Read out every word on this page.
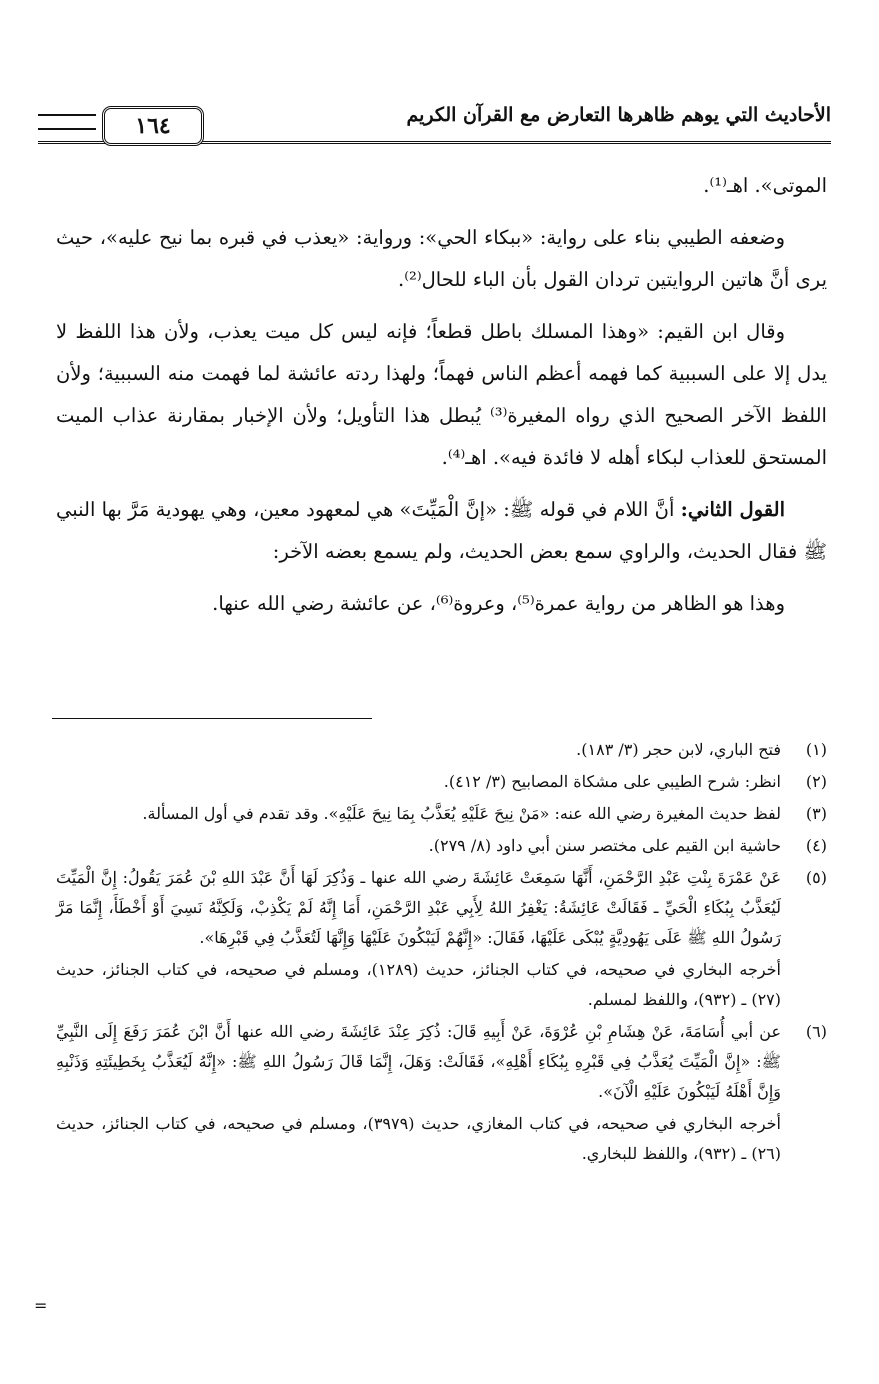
١٦٤	الأحاديث التي يوهم ظاهرها التعارض مع القرآن الكريم

الموتى». اهـ⁽¹⁾.

وضعفه الطيبي بناء على رواية: «ببكاء الحي»: ورواية: «يعذب في قبره بما نيح عليه»، حيث يرى أنَّ هاتين الروايتين تردان القول بأن الباء للحال⁽²⁾.

وقال ابن القيم: «وهذا المسلك باطل قطعاً؛ فإنه ليس كل ميت يعذب، ولأن هذا اللفظ لا يدل إلا على السببية كما فهمه أعظم الناس فهماً؛ ولهذا ردته عائشة لما فهمت منه السببية؛ ولأن اللفظ الآخر الصحيح الذي رواه المغيرة⁽³⁾ يُبطل هذا التأويل؛ ولأن الإخبار بمقارنة عذاب الميت المستحق للعذاب لبكاء أهله لا فائدة فيه». اهـ⁽⁴⁾.

القول الثاني: أنَّ اللام في قوله ﷺ: «إنَّ الْمَيِّتَ» هي لمعهود معين، وهي يهودية مَرَّ بها النبي ﷺ فقال الحديث، والراوي سمع بعض الحديث، ولم يسمع بعضه الآخر:

وهذا هو الظاهر من رواية عمرة⁽⁵⁾، وعروة⁽⁶⁾، عن عائشة رضي الله عنها.

(١)
فتح الباري، لابن حجر (٣/ ١٨٣).
(٢)
انظر: شرح الطيبي على مشكاة المصابيح (٣/ ٤١٢).
(٣)
لفظ حديث المغيرة رضي الله عنه: «مَنْ نِيحَ عَلَيْهِ يُعَذَّبُ بِمَا نِيحَ عَلَيْهِ». وقد تقدم في أول المسألة.
(٤)
حاشية ابن القيم على مختصر سنن أبي داود (٨/ ٢٧٩).
(٥)
عَنْ عَمْرَةَ بِنْتِ عَبْدِ الرَّحْمَنِ، أَنَّهَا سَمِعَتْ عَائِشَةَ رضي الله عنها ـ وَذُكِرَ لَهَا أَنَّ عَبْدَ اللهِ بْنَ عُمَرَ يَقُولُ: إِنَّ الْمَيِّتَ لَيُعَذَّبُ بِبُكَاءِ الْحَيِّ ـ فَقَالَتْ عَائِشَةُ: يَغْفِرُ اللهُ لِأَبِي عَبْدِ الرَّحْمَنِ، أَمَا إِنَّهُ لَمْ يَكْذِبْ، وَلَكِنَّهُ نَسِيَ أَوْ أَخْطَأَ، إِنَّمَا مَرَّ رَسُولُ اللهِ ﷺ عَلَى يَهُودِيَّةٍ يُبْكَى عَلَيْهَا، فَقَالَ: «إِنَّهُمْ لَيَبْكُونَ عَلَيْهَا وَإِنَّهَا لَتُعَذَّبُ فِي قَبْرِهَا».
أخرجه البخاري في صحيحه، في كتاب الجنائز، حديث (١٢٨٩)، ومسلم في صحيحه، في كتاب الجنائز، حديث (٢٧) ـ (٩٣٢)، واللفظ لمسلم.
(٦)
عن أبي أُسَامَةَ، عَنْ هِشَامِ بْنِ عُرْوَةَ، عَنْ أَبِيهِ قَالَ: ذُكِرَ عِنْدَ عَائِشَةَ رضي الله عنها أَنَّ ابْنَ عُمَرَ رَفَعَ إِلَى النَّبِيِّ ﷺ: «إِنَّ الْمَيِّتَ يُعَذَّبُ فِي قَبْرِهِ بِبُكَاءِ أَهْلِهِ»، فَقَالَتْ: وَهَلَ، إِنَّمَا قَالَ رَسُولُ اللهِ ﷺ: «إِنَّهُ لَيُعَذَّبُ بِخَطِيئَتِهِ وَذَنْبِهِ وَإِنَّ أَهْلَهُ لَيَبْكُونَ عَلَيْهِ الْآنَ».
أخرجه البخاري في صحيحه، في كتاب المغازي، حديث (٣٩٧٩)، ومسلم في صحيحه، في كتاب الجنائز، حديث (٢٦) ـ (٩٣٢)، واللفظ للبخاري.
=
